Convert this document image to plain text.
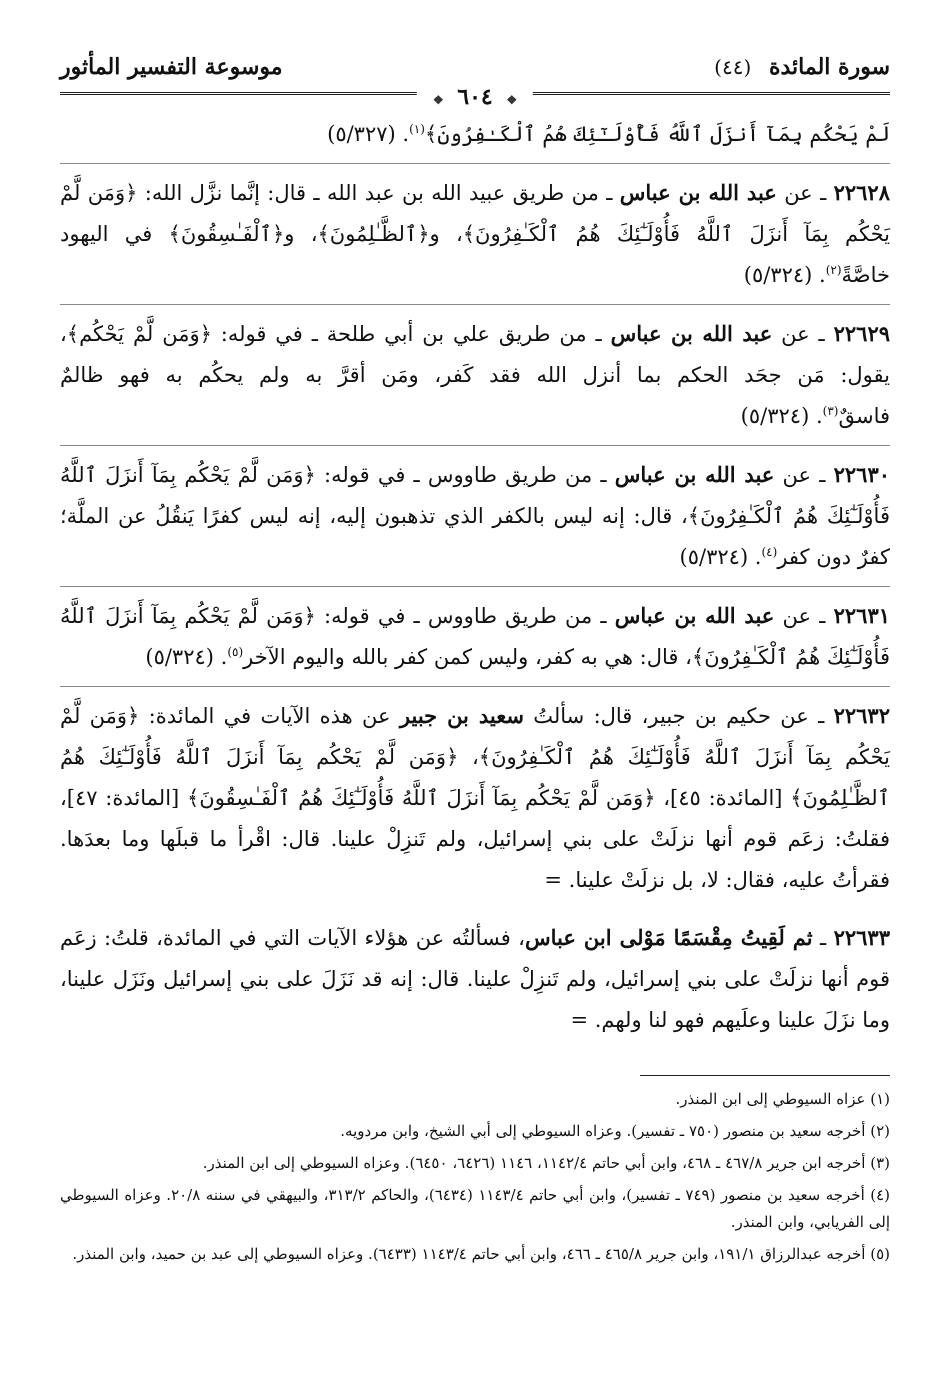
سورة المائدة (٤٤)
موسوعة التفسير المأثور
❖ ٦٠٤ ❖
لَمْ يَحْكُم بِمَآ أَنزَلَ ٱللَّهُ فَأُوْلَـٰٓئِكَ هُمُ ٱلْكَـٰفِرُونَ﴾$^{(١)}$. (٥/٣٢٧)
٢٢٦٢٨ ـ عن عبد الله بن عباس ـ من طريق عبيد الله بن عبد الله ـ قال: إنَّما نزَّل الله: ﴿وَمَن لَّمْ يَحْكُم بِمَآ أَنزَلَ ٱللَّهُ فَأُوْلَـٰٓئِكَ هُمُ ٱلْكَـٰفِرُونَ﴾، و﴿ٱلظَّـٰلِمُونَ﴾، و﴿ٱلْفَـٰسِقُونَ﴾ في اليهود خاصَّةً$^{(٢)}$. (٥/٣٢٤)
٢٢٦٢٩ ـ عن عبد الله بن عباس ـ من طريق علي بن أبي طلحة ـ في قوله: ﴿وَمَن لَّمْ يَحْكُم﴾، يقول: مَن جحَد الحكم بما أنزل الله فقد كَفر، ومَن أقرَّ به ولم يحكُم به فهو ظالمٌ فاسقٌ$^{(٣)}$. (٥/٣٢٤)
٢٢٦٣٠ ـ عن عبد الله بن عباس ـ من طريق طاووس ـ في قوله: ﴿وَمَن لَّمْ يَحْكُم بِمَآ أَنزَلَ ٱللَّهُ فَأُوْلَـٰٓئِكَ هُمُ ٱلْكَـٰفِرُونَ﴾، قال: إنه ليس بالكفر الذي تذهبون إليه، إنه ليس كفرًا يَنقُلُ عن الملَّة؛ كفرٌ دون كفر$^{(٤)}$. (٥/٣٢٤)
٢٢٦٣١ ـ عن عبد الله بن عباس ـ من طريق طاووس ـ في قوله: ﴿وَمَن لَّمْ يَحْكُم بِمَآ أَنزَلَ ٱللَّهُ فَأُوْلَـٰٓئِكَ هُمُ ٱلْكَـٰفِرُونَ﴾، قال: هي به كفر، وليس كمن كفر بالله واليوم الآخر$^{(٥)}$. (٥/٣٢٤)
٢٢٦٣٢ ـ عن حكيم بن جبير، قال: سألتُ سعيد بن جبير عن هذه الآيات في المائدة: ﴿وَمَن لَّمْ يَحْكُم بِمَآ أَنزَلَ ٱللَّهُ فَأُوْلَـٰٓئِكَ هُمُ ٱلْكَـٰفِرُونَ﴾، ﴿وَمَن لَّمْ يَحْكُم بِمَآ أَنزَلَ ٱللَّهُ فَأُوْلَـٰٓئِكَ هُمُ ٱلظَّـٰلِمُونَ﴾ [المائدة: ٤٥]، ﴿وَمَن لَّمْ يَحْكُم بِمَآ أَنزَلَ ٱللَّهُ فَأُوْلَـٰٓئِكَ هُمُ ٱلْفَـٰسِقُونَ﴾ [المائدة: ٤٧]، فقلتُ: زعَم قوم أنها نزلَتْ على بني إسرائيل، ولم تَنزِلْ علينا. قال: اقْرأ ما قبلَها وما بعدَها. فقرأتُ عليه، فقال: لا، بل نزلَتْ علينا. =
٢٢٦٣٣ ـ ثم لَقِيتُ مِقْسَمًا مَوْلى ابن عباس، فسألتُه عن هؤلاء الآيات التي في المائدة، قلتُ: زعَم قوم أنها نزلَتْ على بني إسرائيل، ولم تَنزِلْ علينا. قال: إنه قد نَزَلَ على بني إسرائيل ونَزَل علينا، وما نزَلَ علينا وعلَيهم فهو لنا ولهم. =

(١) عزاه السيوطي إلى ابن المنذر.

(٢) أخرجه سعيد بن منصور (٧٥٠ ـ تفسير). وعزاه السيوطي إلى أبي الشيخ، وابن مردويه.

(٣) أخرجه ابن جرير ٤٦٧/٨ ـ ٤٦٨، وابن أبي حاتم ١١٤٢/٤، ١١٤٦ (٦٤٢٦، ٦٤٥٠). وعزاه السيوطي إلى ابن المنذر.

(٤) أخرجه سعيد بن منصور (٧٤٩ ـ تفسير)، وابن أبي حاتم ١١٤٣/٤ (٦٤٣٤)، والحاكم ٣١٣/٢، والبيهقي في سننه ٢٠/٨. وعزاه السيوطي إلى الفريابي، وابن المنذر.

(٥) أخرجه عبدالرزاق ١٩١/١، وابن جرير ٤٦٥/٨ ـ ٤٦٦، وابن أبي حاتم ١١٤٣/٤ (٦٤٣٣). وعزاه السيوطي إلى عبد بن حميد، وابن المنذر.
